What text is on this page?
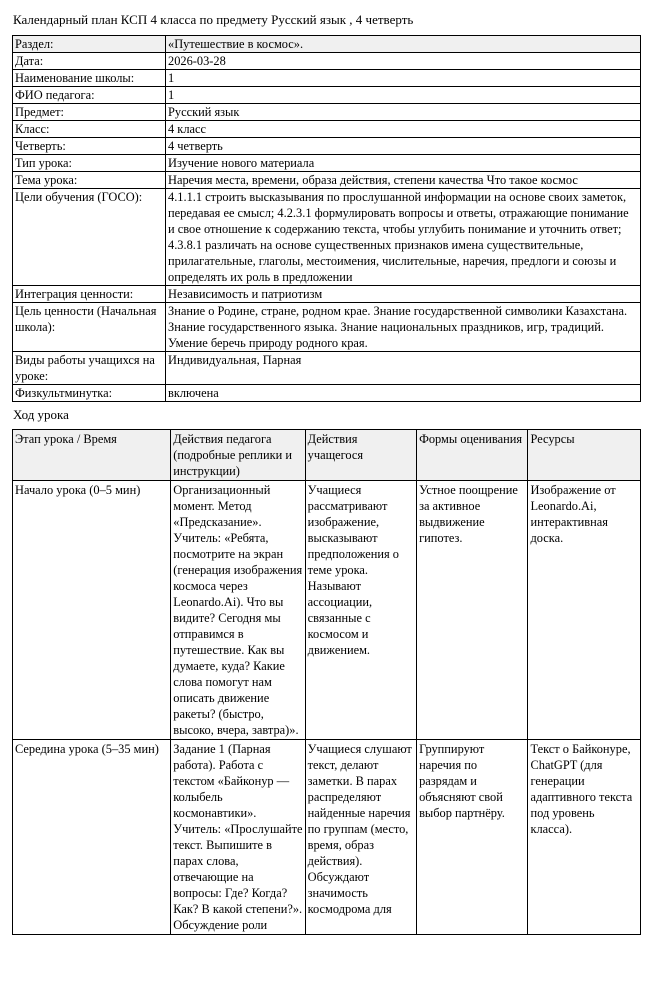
Календарный план КСП 4 класса по предмету Русский язык , 4 четверть
Раздел:	«Путешествие в космос».
Дата:	2026-03-28
Наименование школы:	1
ФИО педагога:	1
Предмет:	Русский язык
Класс:	4 класс
Четверть:	4 четверть
Тип урока:	Изучение нового материала
Тема урока:	Наречия места, времени, образа действия, степени качества Что такое космос
Цели обучения (ГОСО):	4.1.1.1 строить высказывания по прослушанной информации на основе своих заметок, передавая ее смысл; 4.2.3.1 формулировать вопросы и ответы, отражающие понимание и свое отношение к содержанию текста, чтобы углубить понимание и уточнить ответ; 4.3.8.1 различать на основе существенных признаков имена существительные, прилагательные, глаголы, местоимения, числительные, наречия, предлоги и союзы и определять их роль в предложении
Интеграция ценности:	Независимость и патриотизм
Цель ценности (Начальная школа):	Знание о Родине, стране, родном крае. Знание государственной символики Казахстана. Знание государственного языка. Знание национальных праздников, игр, традиций. Умение беречь природу родного края.
Виды работы учащихся на уроке:	Индивидуальная, Парная
Физкультминутка:	включена
Ход урока
Этап урока / Время	Действия педагога (подробные реплики и инструкции)	Действия учащегося	Формы оценивания	Ресурсы
Начало урока (0–5 мин)	Организационный момент. Метод «Предсказание». Учитель: «Ребята, посмотрите на экран (генерация изображения космоса через Leonardo.Ai). Что вы видите? Сегодня мы отправимся в путешествие. Как вы думаете, куда? Какие слова помогут нам описать движение ракеты? (быстро, высоко, вчера, завтра)».	Учащиеся рассматривают изображение, высказывают предположения о теме урока. Называют ассоциации, связанные с космосом и движением.	Устное поощрение за активное выдвижение гипотез.	Изображение от Leonardo.Ai, интерактивная доска.
Середина урока (5–35 мин)	Задание 1 (Парная работа). Работа с текстом «Байконур — колыбель космонавтики». Учитель: «Прослушайте текст. Выпишите в парах слова, отвечающие на вопросы: Где? Когда? Как? В какой степени?». Обсуждение роли	Учащиеся слушают текст, делают заметки. В парах распределяют найденные наречия по группам (место, время, образ действия). Обсуждают значимость космодрома для	Группируют наречия по разрядам и объясняют свой выбор партнёру.	Текст о Байконуре, ChatGPT (для генерации адаптивного текста под уровень класса).
